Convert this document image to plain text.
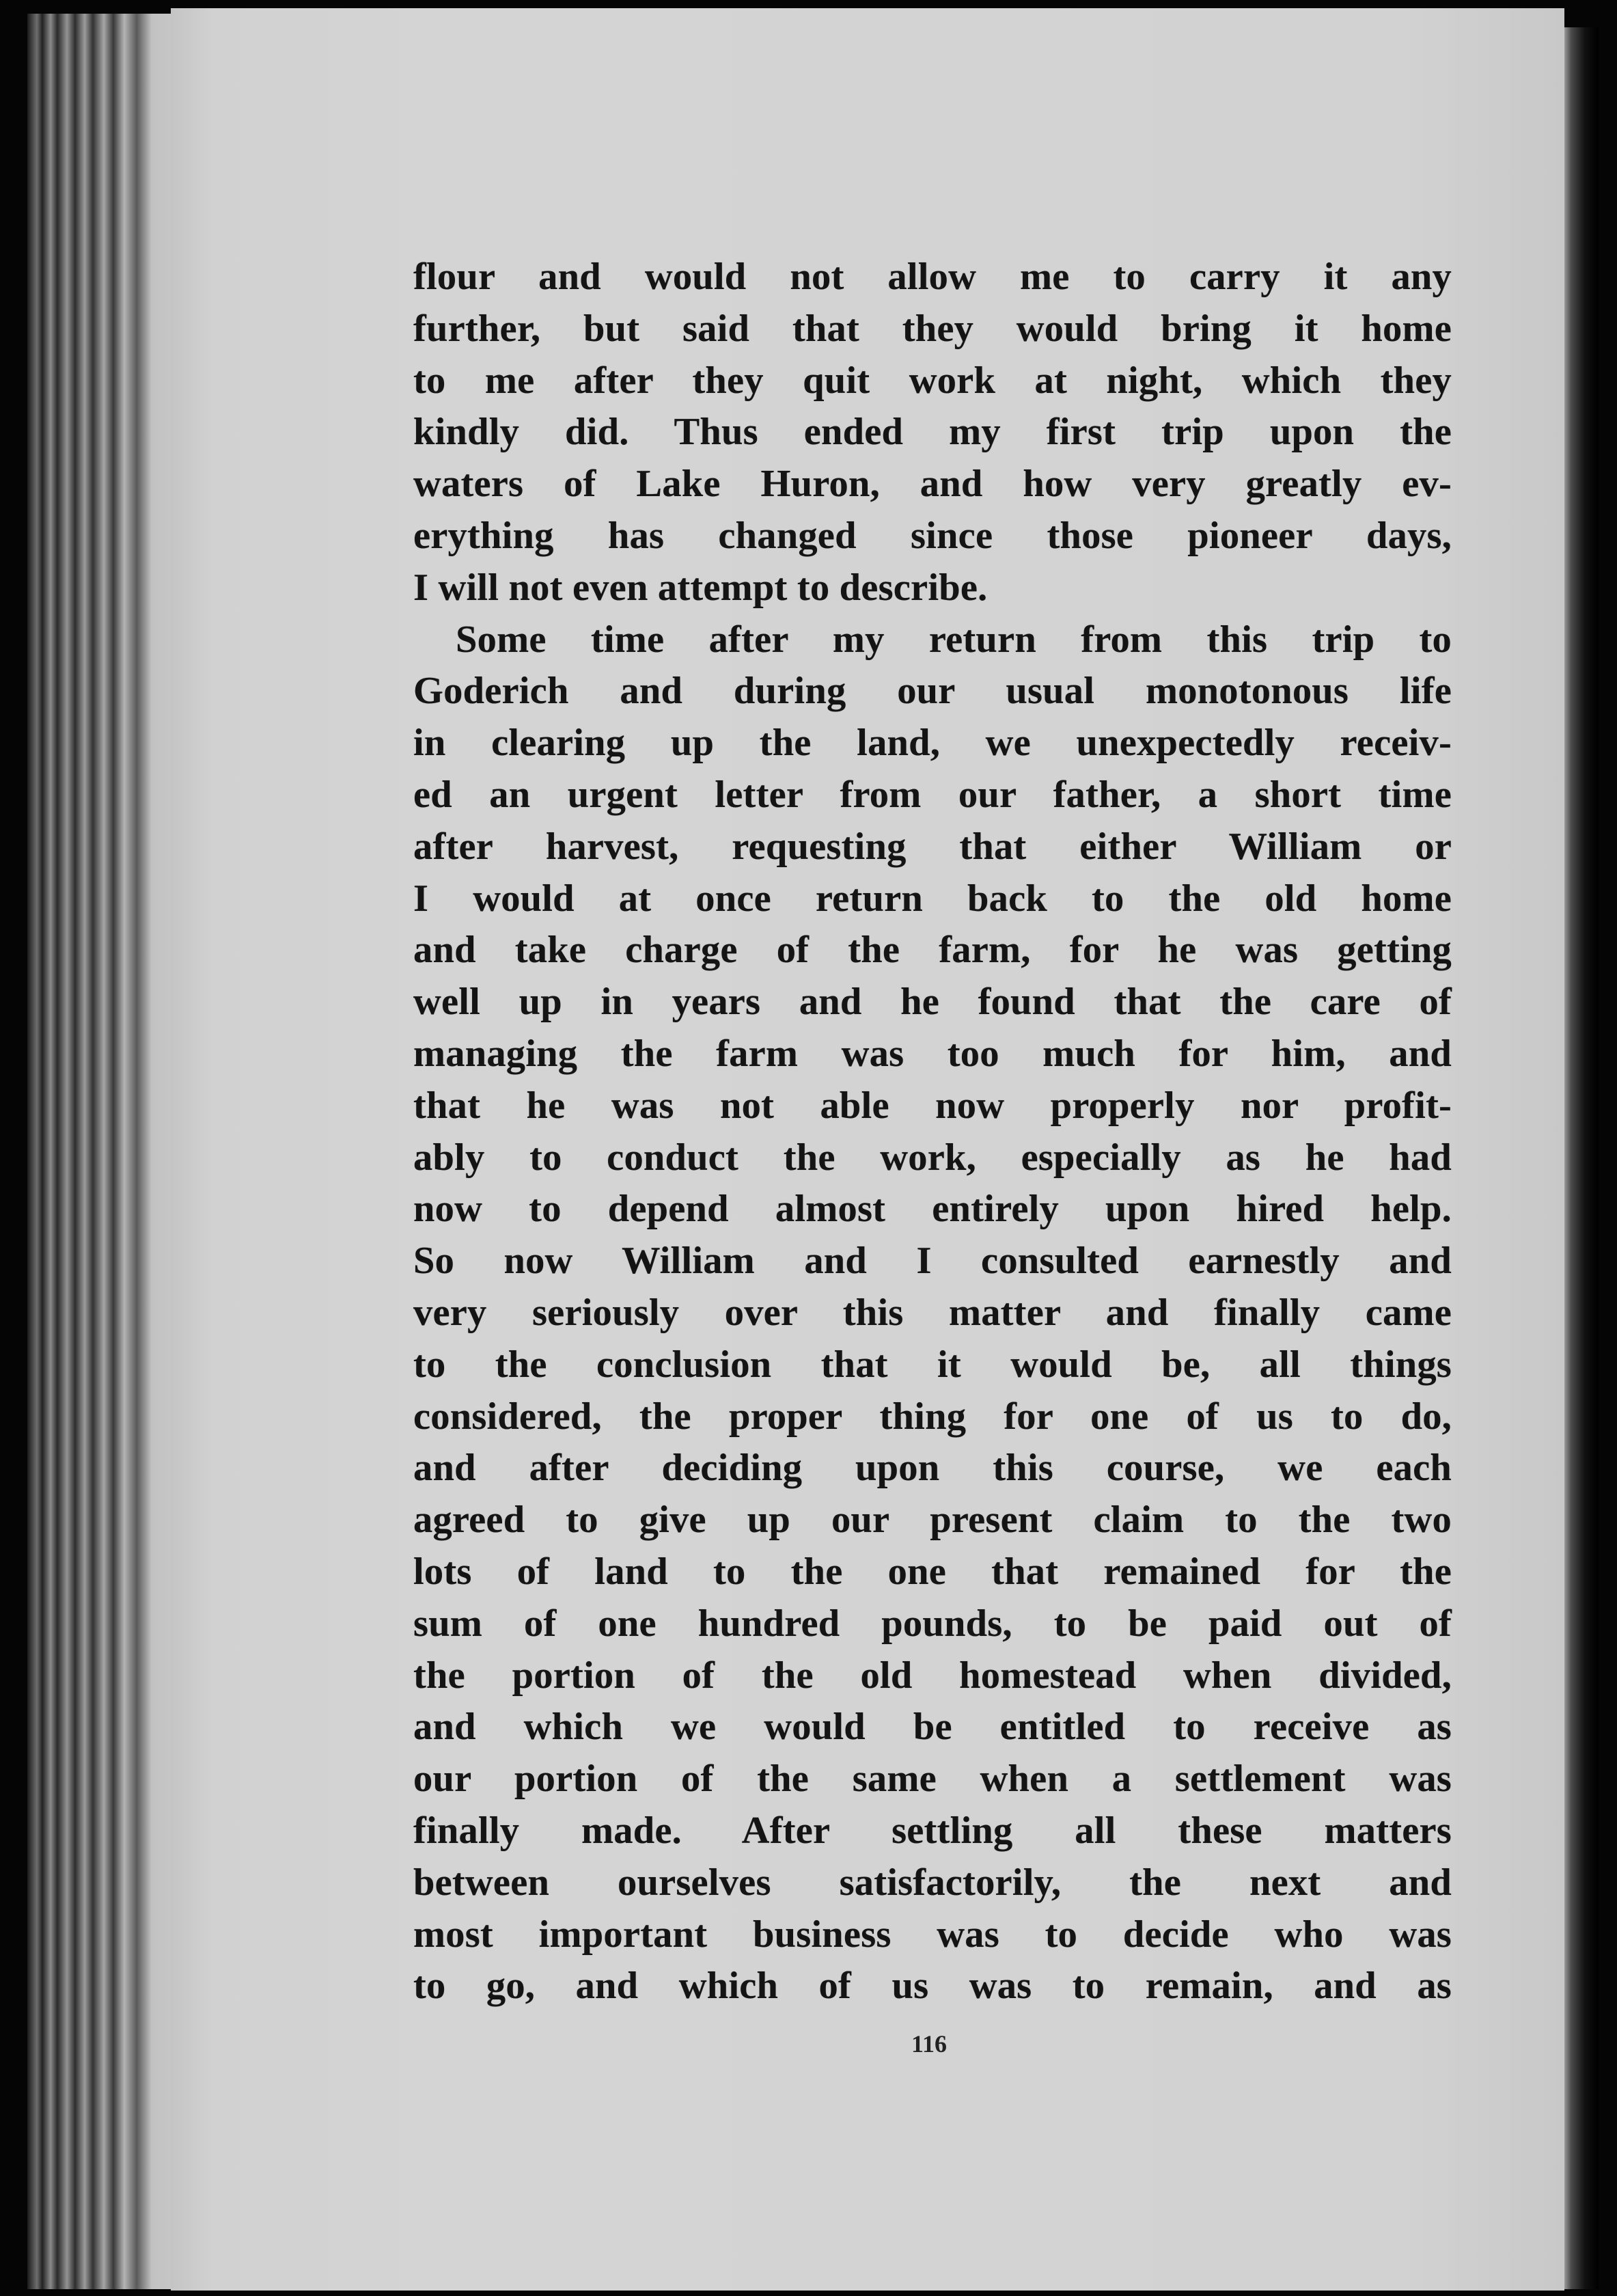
flour and would not allow me to carry it any
further, but said that they would bring it home
to me after they quit work at night, which they
kindly did. Thus ended my first trip upon the
waters of Lake Huron, and how very greatly ev-
erything has changed since those pioneer days,
I will not even attempt to describe.
Some time after my return from this trip to
Goderich and during our usual monotonous life
in clearing up the land, we unexpectedly receiv-
ed an urgent letter from our father, a short time
after harvest, requesting that either William or
I would at once return back to the old home
and take charge of the farm, for he was getting
well up in years and he found that the care of
managing the farm was too much for him, and
that he was not able now properly nor profit-
ably to conduct the work, especially as he had
now to depend almost entirely upon hired help.
So now William and I consulted earnestly and
very seriously over this matter and finally came
to the conclusion that it would be, all things
considered, the proper thing for one of us to do,
and after deciding upon this course, we each
agreed to give up our present claim to the two
lots of land to the one that remained for the
sum of one hundred pounds, to be paid out of
the portion of the old homestead when divided,
and which we would be entitled to receive as
our portion of the same when a settlement was
finally made. After settling all these matters
between ourselves satisfactorily, the next and
most important business was to decide who was
to go, and which of us was to remain, and as
116
